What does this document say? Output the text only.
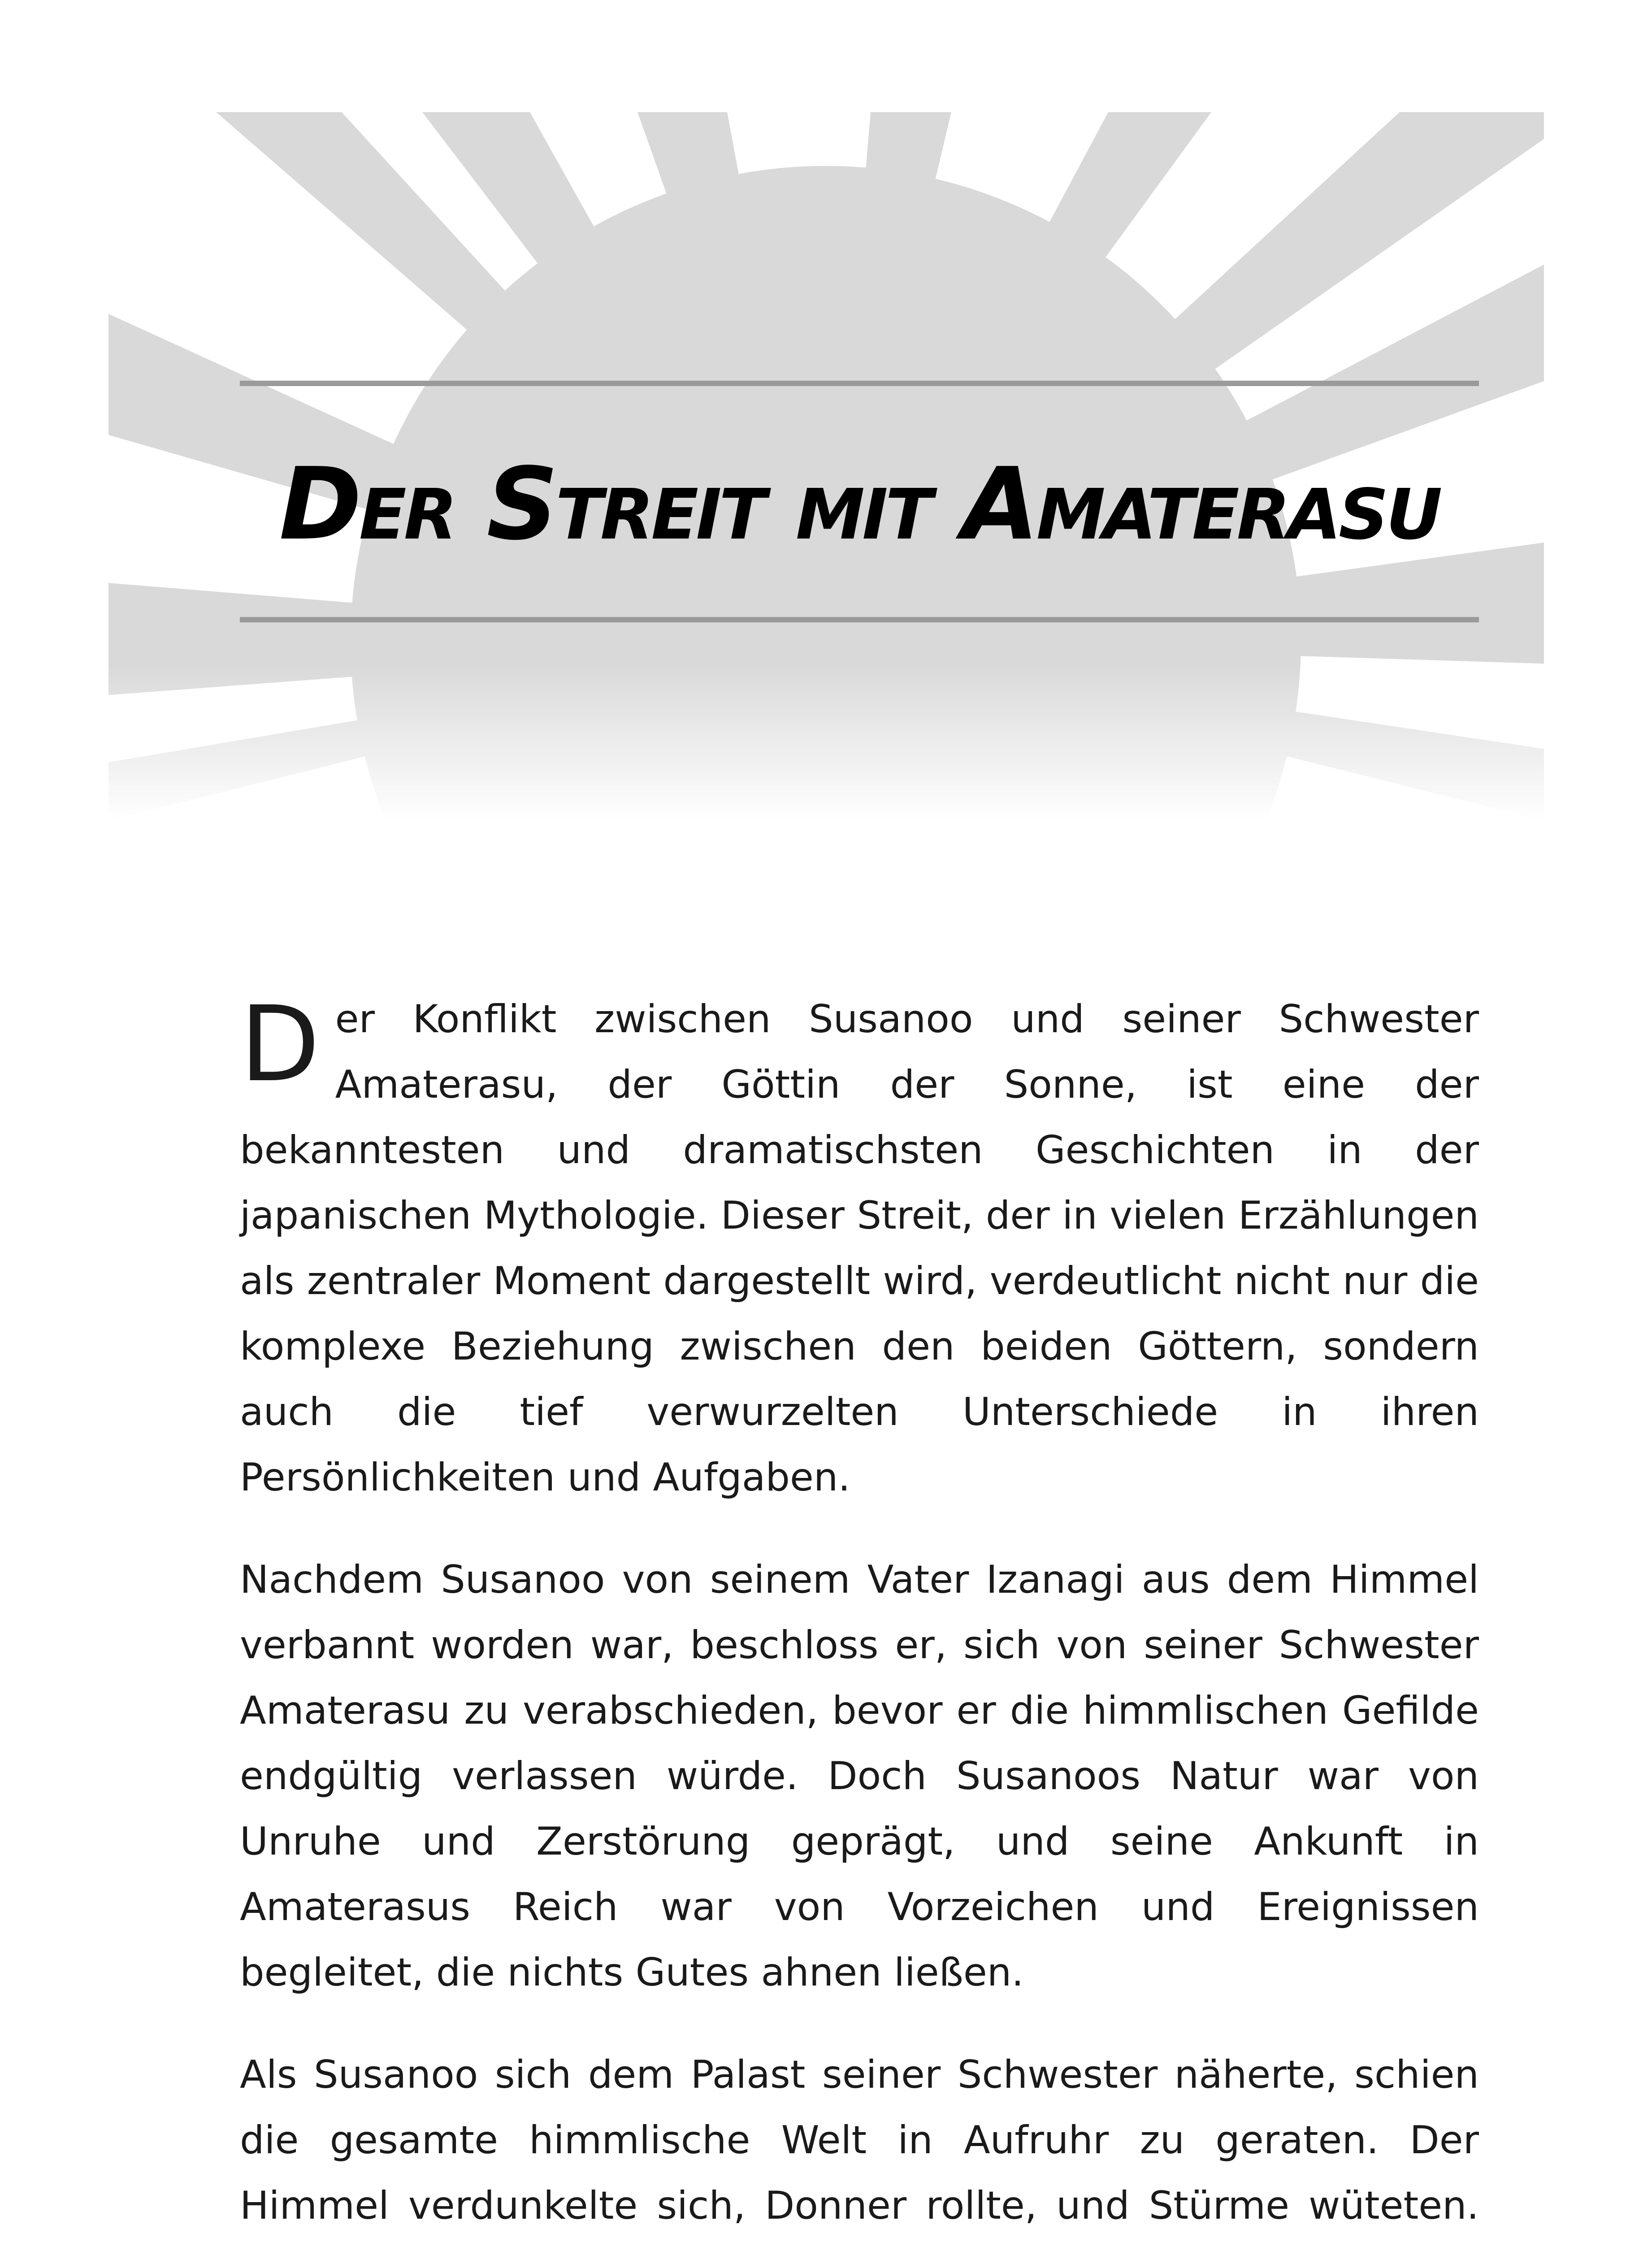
Der Streit mit Amaterasu

D er Konflikt zwischen Susanoo und seiner Schwester Amaterasu, der Göttin der Sonne, ist eine der bekanntesten und dramatischsten Geschichten in der japanischen Mythologie. Dieser Streit, der in vielen Erzählungen als zentraler Moment dargestellt wird, verdeutlicht nicht nur die komplexe Beziehung zwischen den beiden Göttern, sondern auch die tief verwurzelten Unterschiede in ihren Persönlichkeiten und Aufgaben.

Nachdem Susanoo von seinem Vater Izanagi aus dem Himmel verbannt worden war, beschloss er, sich von seiner Schwester Amaterasu zu verabschieden, bevor er die himmlischen Gefilde endgültig verlassen würde. Doch Susanoos Natur war von Unruhe und Zerstörung geprägt, und seine Ankunft in Amaterasus Reich war von Vorzeichen und Ereignissen begleitet, die nichts Gutes ahnen ließen.

Als Susanoo sich dem Palast seiner Schwester näherte, schien die gesamte himmlische Welt in Aufruhr zu geraten. Der Himmel verdunkelte sich, Donner rollte, und Stürme wüteten.
